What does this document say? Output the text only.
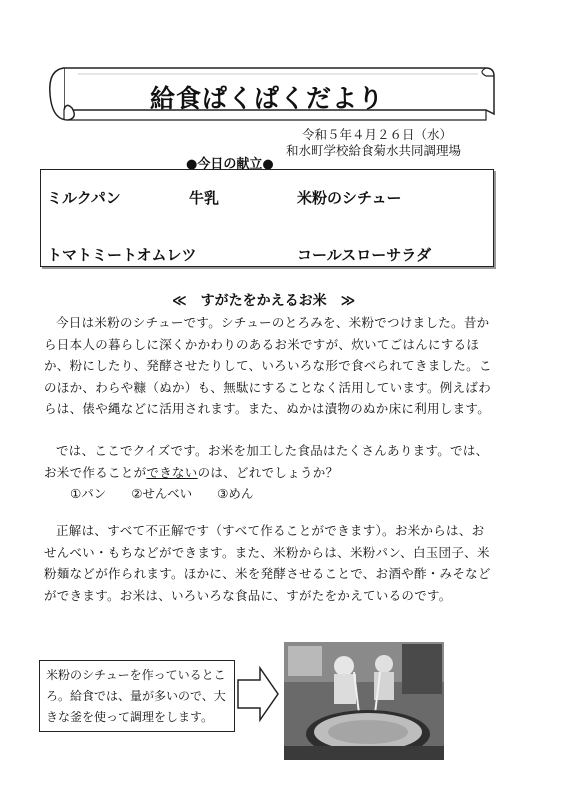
給食ぱくぱくだより
令和５年４月２６日（水）
和水町学校給食菊水共同調理場
●今日の献立●
ミルクパン	牛乳	米粉のシチュー
トマトミートオムレツ	コールスローサラダ
≪　すがたをかえるお米　≫

今日は米粉のシチューです。シチューのとろみを、米粉でつけました。昔から日本人の暮らしに深くかかわりのあるお米ですが、炊いてごはんにするほか、粉にしたり、発酵させたりして、いろいろな形で食べられてきました。このほか、わらや糠（ぬか）も、無駄にすることなく活用しています。例えばわらは、俵や縄などに活用されます。また、ぬかは漬物のぬか床に利用します。

では、ここでクイズです。お米を加工した食品はたくさんあります。では、お米で作ることができないのは、どれでしょうか？

①パン　　②せんべい　　③めん

正解は、すべて不正解です（すべて作ることができます）。お米からは、おせんべい・もちなどができます。また、米粉からは、米粉パン、白玉団子、米粉麺などが作られます。ほかに、米を発酵させることで、お酒や酢・みそなどができます。お米は、いろいろな食品に、すがたをかえているのです。

米粉のシチューを作っているところ。給食では、量が多いので、大きな釜を使って調理をします。
